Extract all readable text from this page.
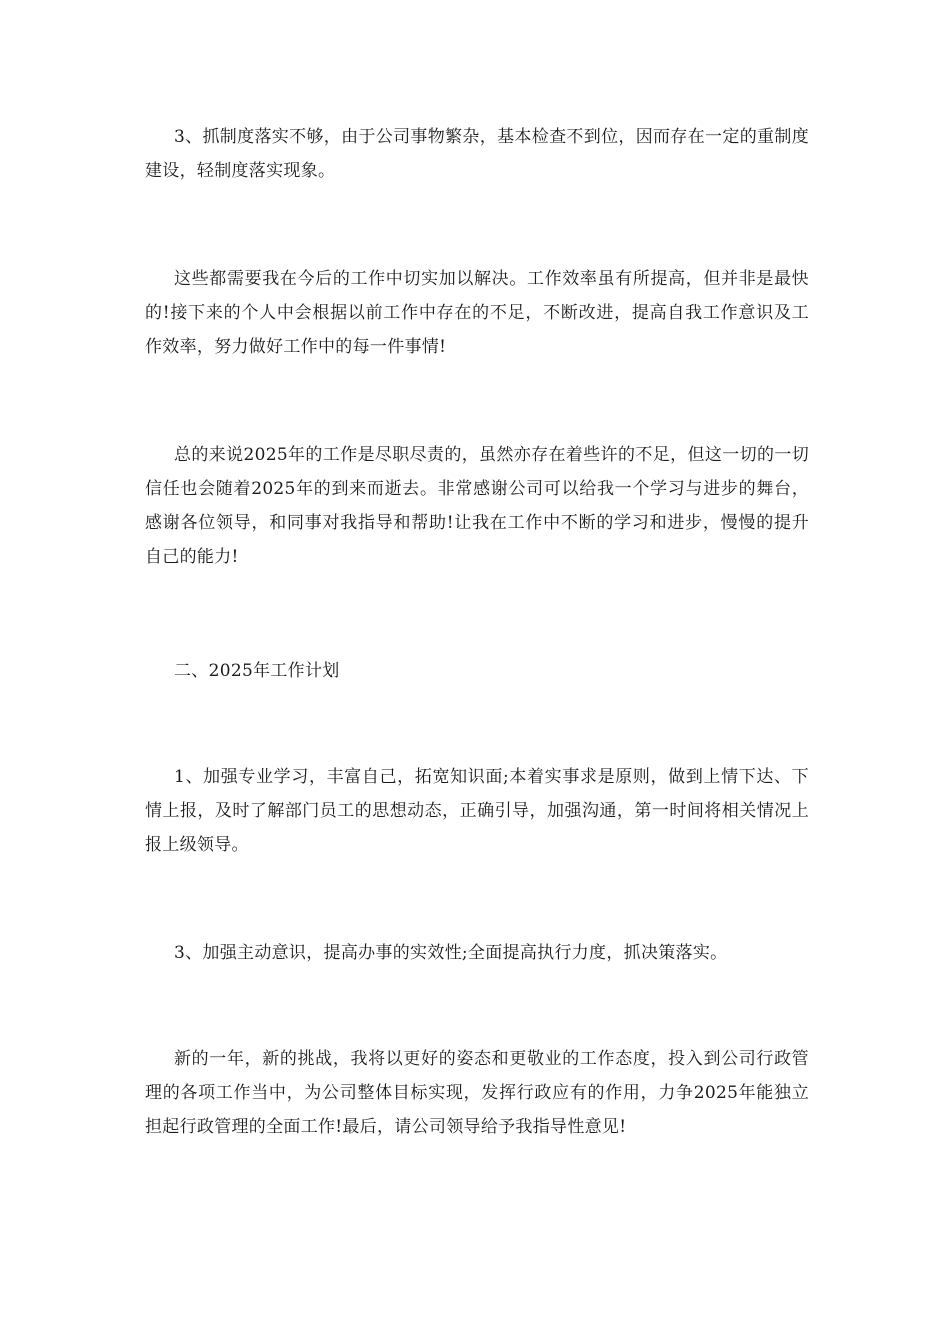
3、抓制度落实不够，由于公司事物繁杂，基本检查不到位，因而存在一定的重制度建设，轻制度落实现象。

这些都需要我在今后的工作中切实加以解决。工作效率虽有所提高，但并非是最快的!接下来的个人中会根据以前工作中存在的不足，不断改进，提高自我工作意识及工作效率，努力做好工作中的每一件事情!

总的来说2025年的工作是尽职尽责的，虽然亦存在着些许的不足，但这一切的一切信任也会随着2025年的到来而逝去。非常感谢公司可以给我一个学习与进步的舞台，感谢各位领导，和同事对我指导和帮助!让我在工作中不断的学习和进步，慢慢的提升自己的能力!

二、2025年工作计划

1、加强专业学习，丰富自己，拓宽知识面;本着实事求是原则，做到上情下达、下情上报，及时了解部门员工的思想动态，正确引导，加强沟通，第一时间将相关情况上报上级领导。

3、加强主动意识，提高办事的实效性;全面提高执行力度，抓决策落实。

新的一年，新的挑战，我将以更好的姿态和更敬业的工作态度，投入到公司行政管理的各项工作当中，为公司整体目标实现，发挥行政应有的作用，力争2025年能独立担起行政管理的全面工作!最后，请公司领导给予我指导性意见!
